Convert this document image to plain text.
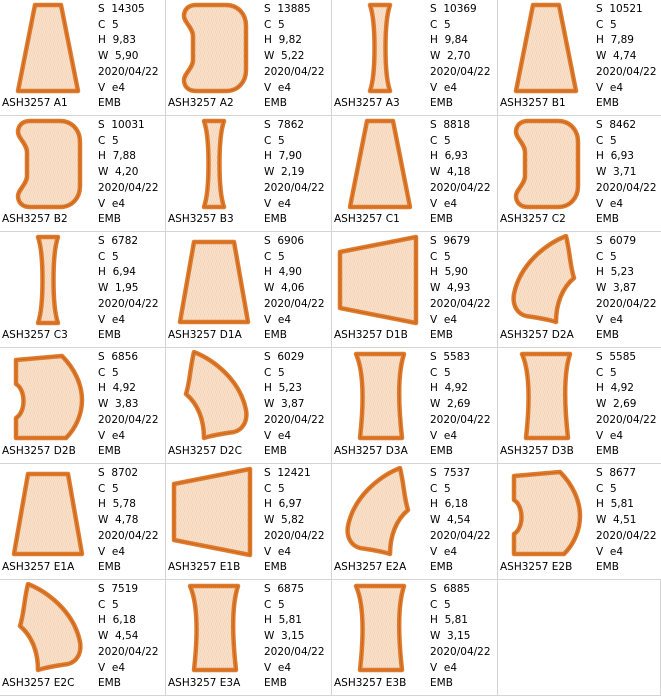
ASH3257 A1
S  14305
C  5
H  9,83
W  5,90
2020/04/22
V  e4
EMB	ASH3257 A2
S  13885
C  5
H  9,82
W  5,22
2020/04/22
V  e4
EMB	ASH3257 A3
S  10369
C  5
H  9,84
W  2,70
2020/04/22
V  e4
EMB	ASH3257 B1
S  10521
C  5
H  7,89
W  4,74
2020/04/22
V  e4
EMB
ASH3257 B2
S  10031
C  5
H  7,88
W  4,20
2020/04/22
V  e4
EMB	ASH3257 B3
S  7862
C  5
H  7,90
W  2,19
2020/04/22
V  e4
EMB	ASH3257 C1
S  8818
C  5
H  6,93
W  4,18
2020/04/22
V  e4
EMB	ASH3257 C2
S  8462
C  5
H  6,93
W  3,71
2020/04/22
V  e4
EMB
ASH3257 C3
S  6782
C  5
H  6,94
W  1,95
2020/04/22
V  e4
EMB	ASH3257 D1A
S  6906
C  5
H  4,90
W  4,06
2020/04/22
V  e4
EMB	ASH3257 D1B
S  9679
C  5
H  5,90
W  4,93
2020/04/22
V  e4
EMB	ASH3257 D2A
S  6079
C  5
H  5,23
W  3,87
2020/04/22
V  e4
EMB
ASH3257 D2B
S  6856
C  5
H  4,92
W  3,83
2020/04/22
V  e4
EMB	ASH3257 D2C
S  6029
C  5
H  5,23
W  3,87
2020/04/22
V  e4
EMB	ASH3257 D3A
S  5583
C  5
H  4,92
W  2,69
2020/04/22
V  e4
EMB	ASH3257 D3B
S  5585
C  5
H  4,92
W  2,69
2020/04/22
V  e4
EMB
ASH3257 E1A
S  8702
C  5
H  5,78
W  4,78
2020/04/22
V  e4
EMB	ASH3257 E1B
S  12421
C  5
H  6,97
W  5,82
2020/04/22
V  e4
EMB	ASH3257 E2A
S  7537
C  5
H  6,18
W  4,54
2020/04/22
V  e4
EMB	ASH3257 E2B
S  8677
C  5
H  5,81
W  4,51
2020/04/22
V  e4
EMB
ASH3257 E2C
S  7519
C  5
H  6,18
W  4,54
2020/04/22
V  e4
EMB	ASH3257 E3A
S  6875
C  5
H  5,81
W  3,15
2020/04/22
V  e4
EMB	ASH3257 E3B
S  6885
C  5
H  5,81
W  3,15
2020/04/22
V  e4
EMB
